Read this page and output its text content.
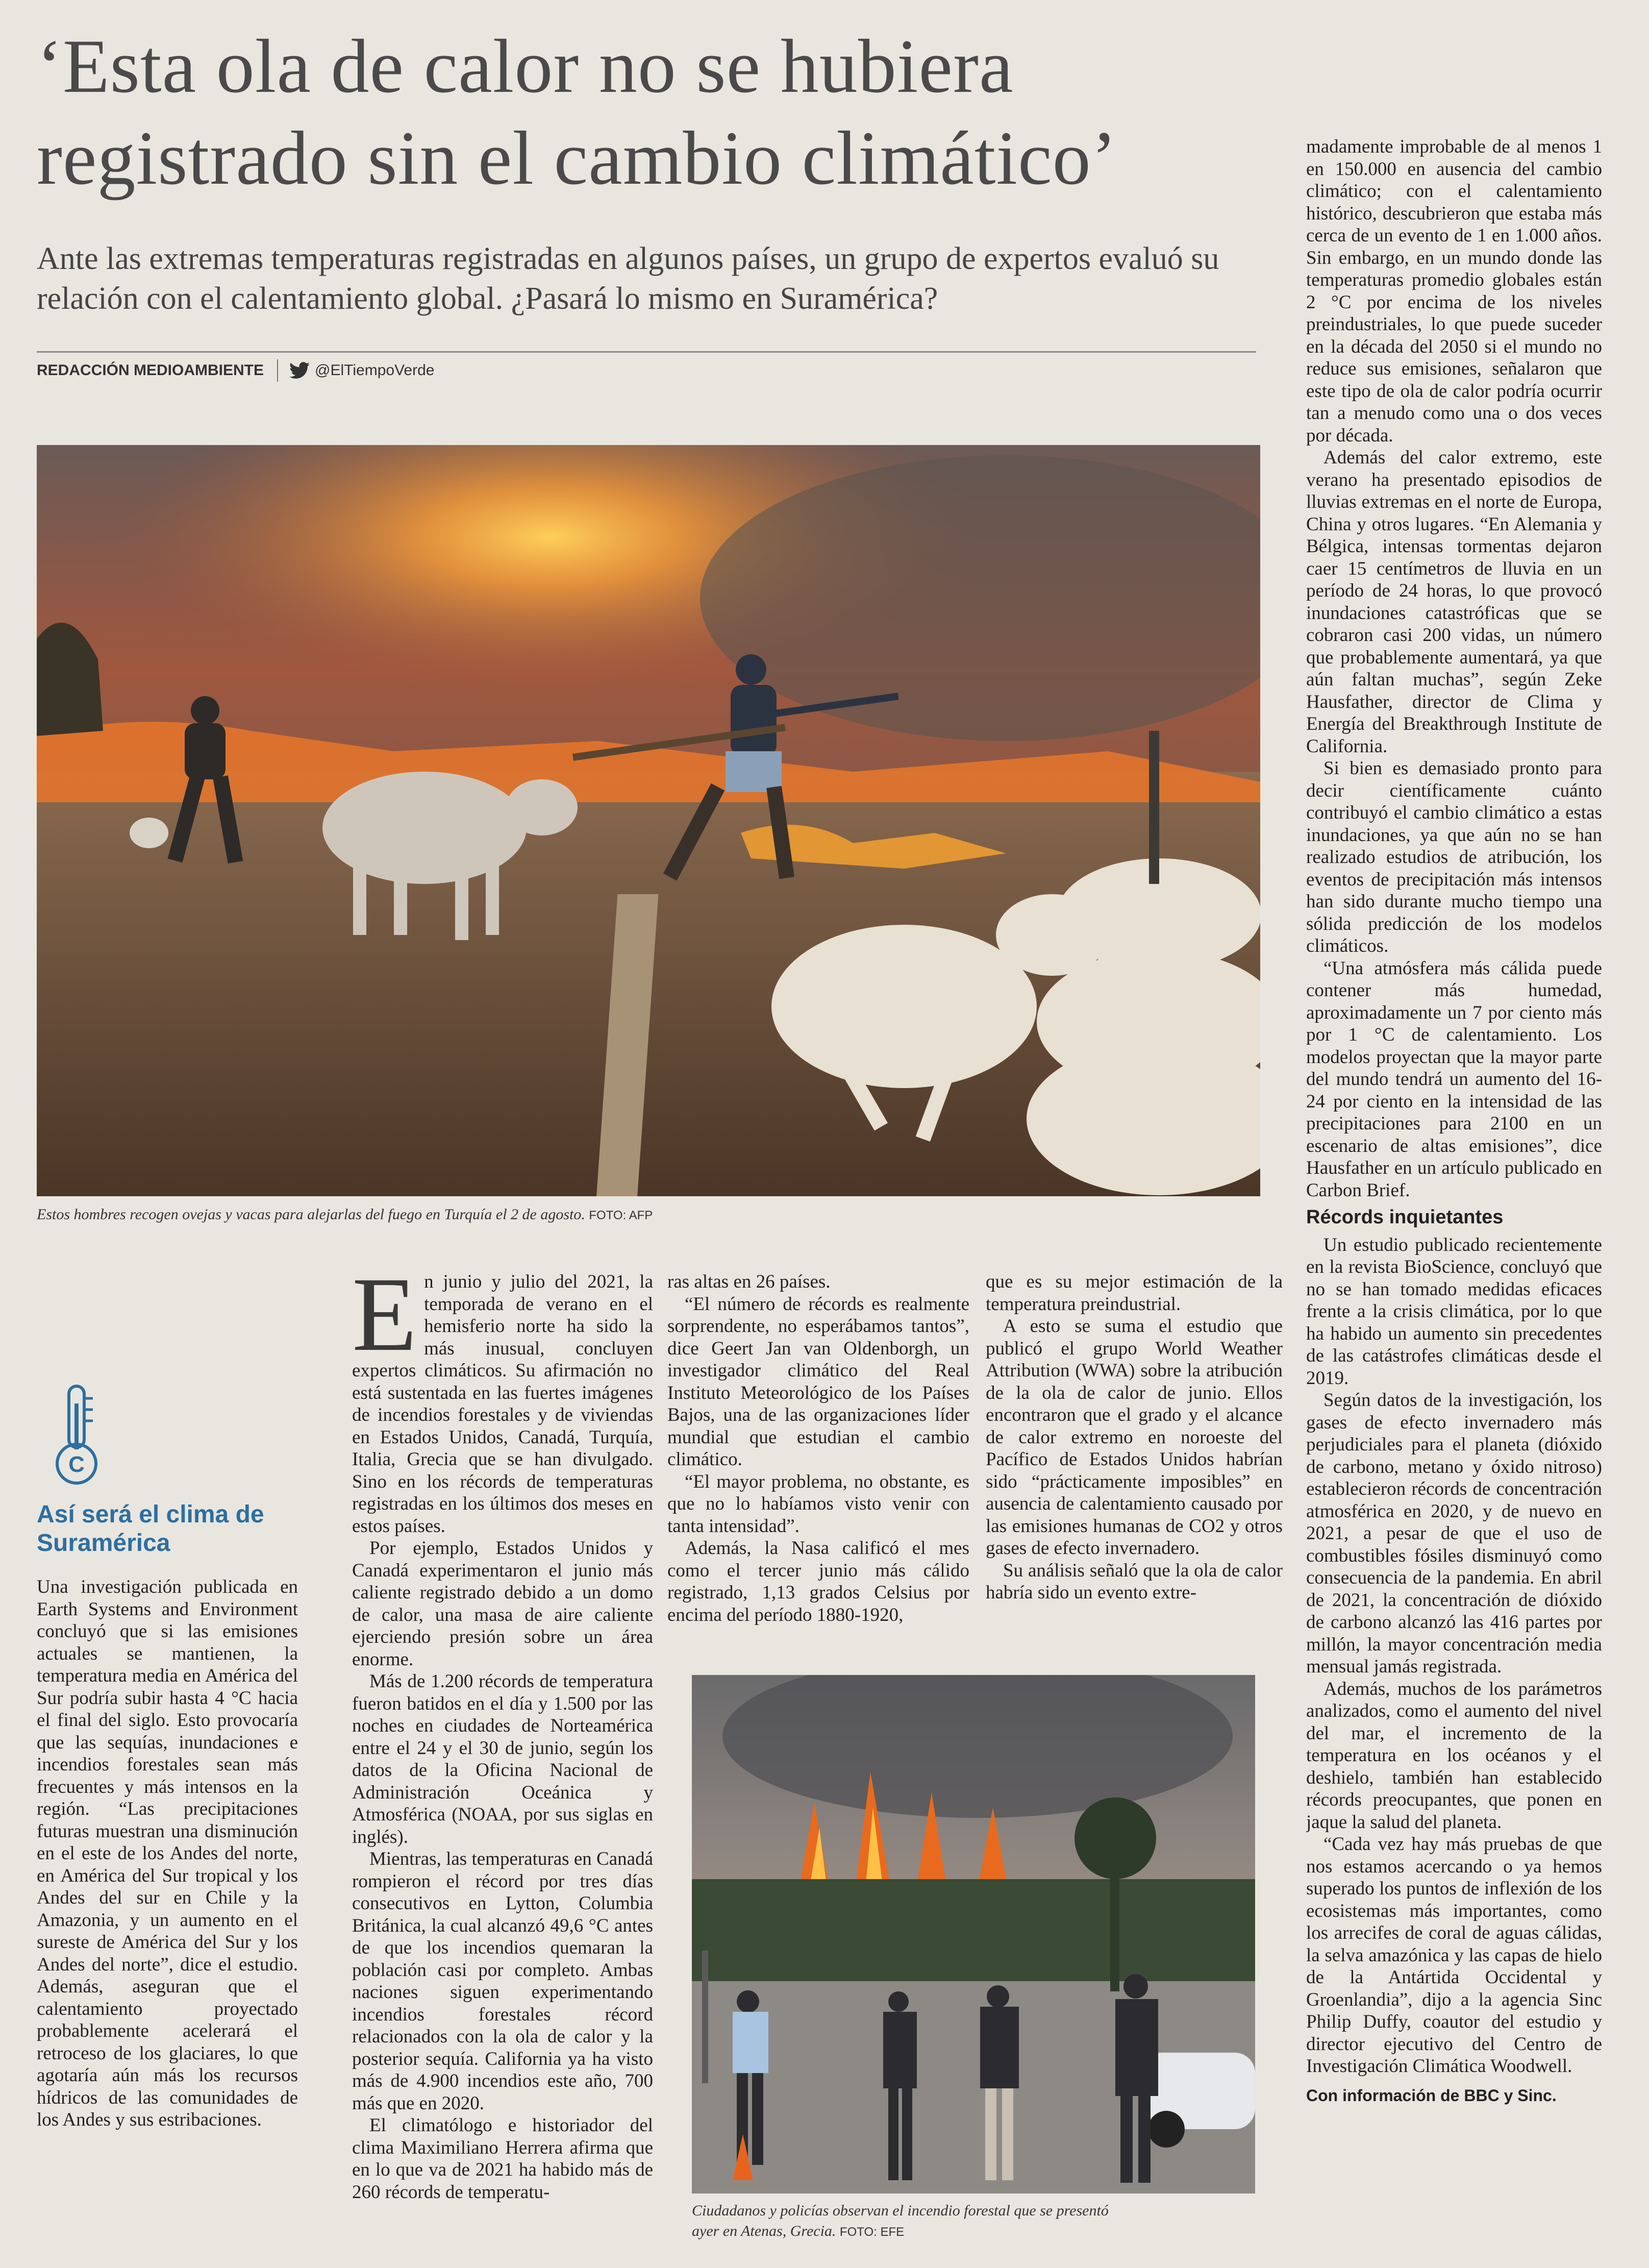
‘Esta ola de calor no se hubiera
registrado sin el cambio climático’
Ante las extremas temperaturas registradas en algunos países, un grupo de expertos evaluó su relación con el calentamiento global. ¿Pasará lo mismo en Suramérica?
REDACCIÓN MEDIOAMBIENTE	@ElTiempoVerde
Estos hombres recogen ovejas y vacas para alejarlas del fuego en Turquía el 2 de agosto. FOTO: AFP
C
Así será el clima de Suramérica

Una investigación publicada en Earth Systems and Environment concluyó que si las emisiones actuales se mantienen, la temperatura media en América del Sur podría subir hasta 4 °C hacia el final del siglo. Esto provocaría que las sequías, inundaciones e incendios forestales sean más frecuentes y más intensos en la región. “Las precipitaciones futuras muestran una disminución en el este de los Andes del norte, en América del Sur tropical y los Andes del sur en Chile y la Amazonia, y un aumento en el sureste de América del Sur y los Andes del norte”, dice el estudio. Además, aseguran que el calentamiento proyectado probablemente acelerará el retroceso de los glaciares, lo que agotaría aún más los recursos hídricos de las comunidades de los Andes y sus estribaciones.

En junio y julio del 2021, la temporada de verano en el hemisferio norte ha sido la más inusual, concluyen expertos climáticos. Su afirmación no está sustentada en las fuertes imágenes de incendios forestales y de viviendas en Estados Unidos, Canadá, Turquía, Italia, Grecia que se han divulgado. Sino en los récords de temperaturas registradas en los últimos dos meses en estos países.

Por ejemplo, Estados Unidos y Canadá experimentaron el junio más caliente registrado debido a un domo de calor, una masa de aire caliente ejerciendo presión sobre un área enorme.

Más de 1.200 récords de temperatura fueron batidos en el día y 1.500 por las noches en ciudades de Norteamérica entre el 24 y el 30 de junio, según los datos de la Oficina Nacional de Administración Oceánica y Atmosférica (NOAA, por sus siglas en inglés).

Mientras, las temperaturas en Canadá rompieron el récord por tres días consecutivos en Lytton, Columbia Británica, la cual alcanzó 49,6 °C antes de que los incendios quemaran la población casi por completo. Ambas naciones siguen experimentando incendios forestales récord relacionados con la ola de calor y la posterior sequía. California ya ha visto más de 4.900 incendios este año, 700 más que en 2020.

El climatólogo e historiador del clima Maximiliano Herrera afirma que en lo que va de 2021 ha habido más de 260 récords de temperatu-

ras altas en 26 países.

“El número de récords es realmente sorprendente, no esperábamos tantos”, dice Geert Jan van Oldenborgh, un investigador climático del Real Instituto Meteorológico de los Países Bajos, una de las organizaciones líder mundial que estudian el cambio climático.

“El mayor problema, no obstante, es que no lo habíamos visto venir con tanta intensidad”.

Además, la Nasa calificó el mes como el tercer junio más cálido registrado, 1,13 grados Celsius por encima del período 1880-1920,

que es su mejor estimación de la temperatura preindustrial.

A esto se suma el estudio que publicó el grupo World Weather Attribution (WWA) sobre la atribución de la ola de calor de junio. Ellos encontraron que el grado y el alcance de calor extremo en noroeste del Pacífico de Estados Unidos habrían sido “prácticamente imposibles” en ausencia de calentamiento causado por las emisiones humanas de CO2 y otros gases de efecto invernadero.

Su análisis señaló que la ola de calor habría sido un evento extre-

Ciudadanos y policías observan el incendio forestal que se presentó
ayer en Atenas, Grecia. FOTO: EFE

madamente improbable de al menos 1 en 150.000 en ausencia del cambio climático; con el calentamiento histórico, descubrieron que estaba más cerca de un evento de 1 en 1.000 años. Sin embargo, en un mundo donde las temperaturas promedio globales están 2 °C por encima de los niveles preindustriales, lo que puede suceder en la década del 2050 si el mundo no reduce sus emisiones, señalaron que este tipo de ola de calor podría ocurrir tan a menudo como una o dos veces por década.

Además del calor extremo, este verano ha presentado episodios de lluvias extremas en el norte de Europa, China y otros lugares. “En Alemania y Bélgica, intensas tormentas dejaron caer 15 centímetros de lluvia en un período de 24 horas, lo que provocó inundaciones catastróficas que se cobraron casi 200 vidas, un número que probablemente aumentará, ya que aún faltan muchas”, según Zeke Hausfather, director de Clima y Energía del Breakthrough Institute de California.

Si bien es demasiado pronto para decir científicamente cuánto contribuyó el cambio climático a estas inundaciones, ya que aún no se han realizado estudios de atribución, los eventos de precipitación más intensos han sido durante mucho tiempo una sólida predicción de los modelos climáticos.

“Una atmósfera más cálida puede contener más humedad, aproximadamente un 7 por ciento más por 1 °C de calentamiento. Los modelos proyectan que la mayor parte del mundo tendrá un aumento del 16-24 por ciento en la intensidad de las precipitaciones para 2100 en un escenario de altas emisiones”, dice Hausfather en un artículo publicado en Carbon Brief.

Récords inquietantes

Un estudio publicado recientemente en la revista BioScience, concluyó que no se han tomado medidas eficaces frente a la crisis climática, por lo que ha habido un aumento sin precedentes de las catástrofes climáticas desde el 2019.

Según datos de la investigación, los gases de efecto invernadero más perjudiciales para el planeta (dióxido de carbono, metano y óxido nitroso) establecieron récords de concentración atmosférica en 2020, y de nuevo en 2021, a pesar de que el uso de combustibles fósiles disminuyó como consecuencia de la pandemia. En abril de 2021, la concentración de dióxido de carbono alcanzó las 416 partes por millón, la mayor concentración media mensual jamás registrada.

Además, muchos de los parámetros analizados, como el aumento del nivel del mar, el incremento de la temperatura en los océanos y el deshielo, también han establecido récords preocupantes, que ponen en jaque la salud del planeta.

“Cada vez hay más pruebas de que nos estamos acercando o ya hemos superado los puntos de inflexión de los ecosistemas más importantes, como los arrecifes de coral de aguas cálidas, la selva amazónica y las capas de hielo de la Antártida Occidental y Groenlandia”, dijo a la agencia Sinc Philip Duffy, coautor del estudio y director ejecutivo del Centro de Investigación Climática Woodwell.

Con información de BBC y Sinc.
